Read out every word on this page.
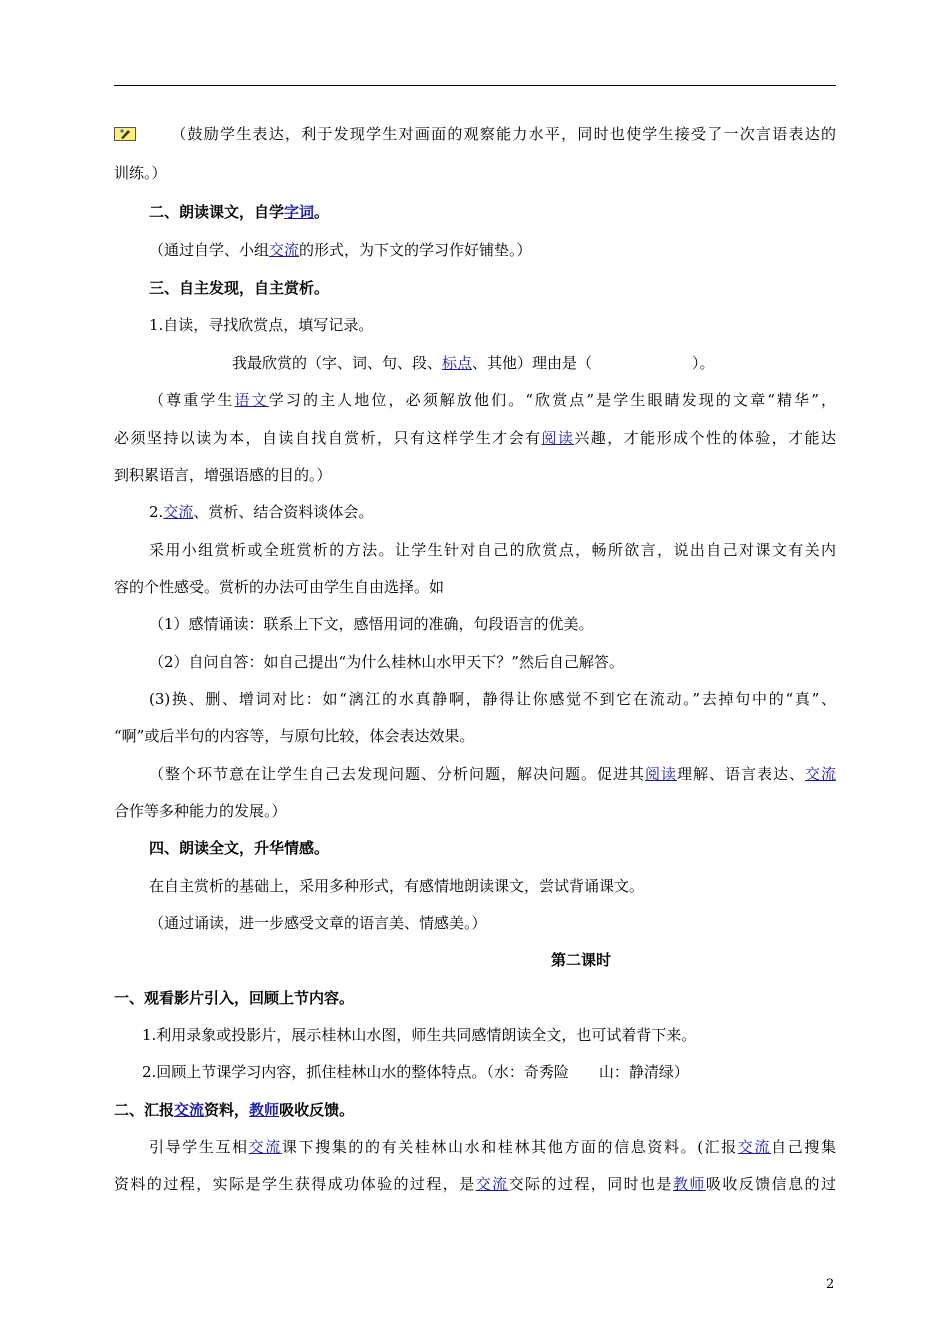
（鼓励学生表达，利于发现学生对画面的观察能力水平，同时也使学生接受了一次言语表达的
训练。）
二、朗读课文，自学字词。
（通过自学、小组交流的形式，为下文的学习作好铺垫。）
三、自主发现，自主赏析。
1.自读，寻找欣赏点，填写记录。
我最欣赏的（字、词、句、段、标点、其他）理由是（	）。
（尊重学生语文学习的主人地位，必须解放他们。“欣赏点”是学生眼睛发现的文章“精华”，
必须坚持以读为本，自读自找自赏析，只有这样学生才会有阅读兴趣，才能形成个性的体验，才能达
到积累语言，增强语感的目的。）
2.交流、赏析、结合资料谈体会。
采用小组赏析或全班赏析的方法。让学生针对自己的欣赏点，畅所欲言，说出自己对课文有关内
容的个性感受。赏析的办法可由学生自由选择。如
（1）感情诵读：联系上下文，感悟用词的准确，句段语言的优美。
（2）自问自答：如自己提出“为什么桂林山水甲天下？”然后自己解答。
(3)换、删、增词对比：如“漓江的水真静啊，静得让你感觉不到它在流动。”去掉句中的“真”、
“啊”或后半句的内容等，与原句比较，体会表达效果。
（整个环节意在让学生自己去发现问题、分析问题，解决问题。促进其阅读理解、语言表达、交流
合作等多种能力的发展。）
四、朗读全文，升华情感。
在自主赏析的基础上，采用多种形式，有感情地朗读课文，尝试背诵课文。
（通过诵读，进一步感受文章的语言美、情感美。）
第二课时
一、观看影片引入，回顾上节内容。
1.利用录象或投影片，展示桂林山水图，师生共同感情朗读全文，也可试着背下来。
2.回顾上节课学习内容，抓住桂林山水的整体特点。（水：奇秀险　　山：静清绿）
二、汇报交流资料，教师吸收反馈。
引导学生互相交流课下搜集的的有关桂林山水和桂林其他方面的信息资料。(汇报交流自己搜集
资料的过程，实际是学生获得成功体验的过程，是交流交际的过程，同时也是教师吸收反馈信息的过
2
